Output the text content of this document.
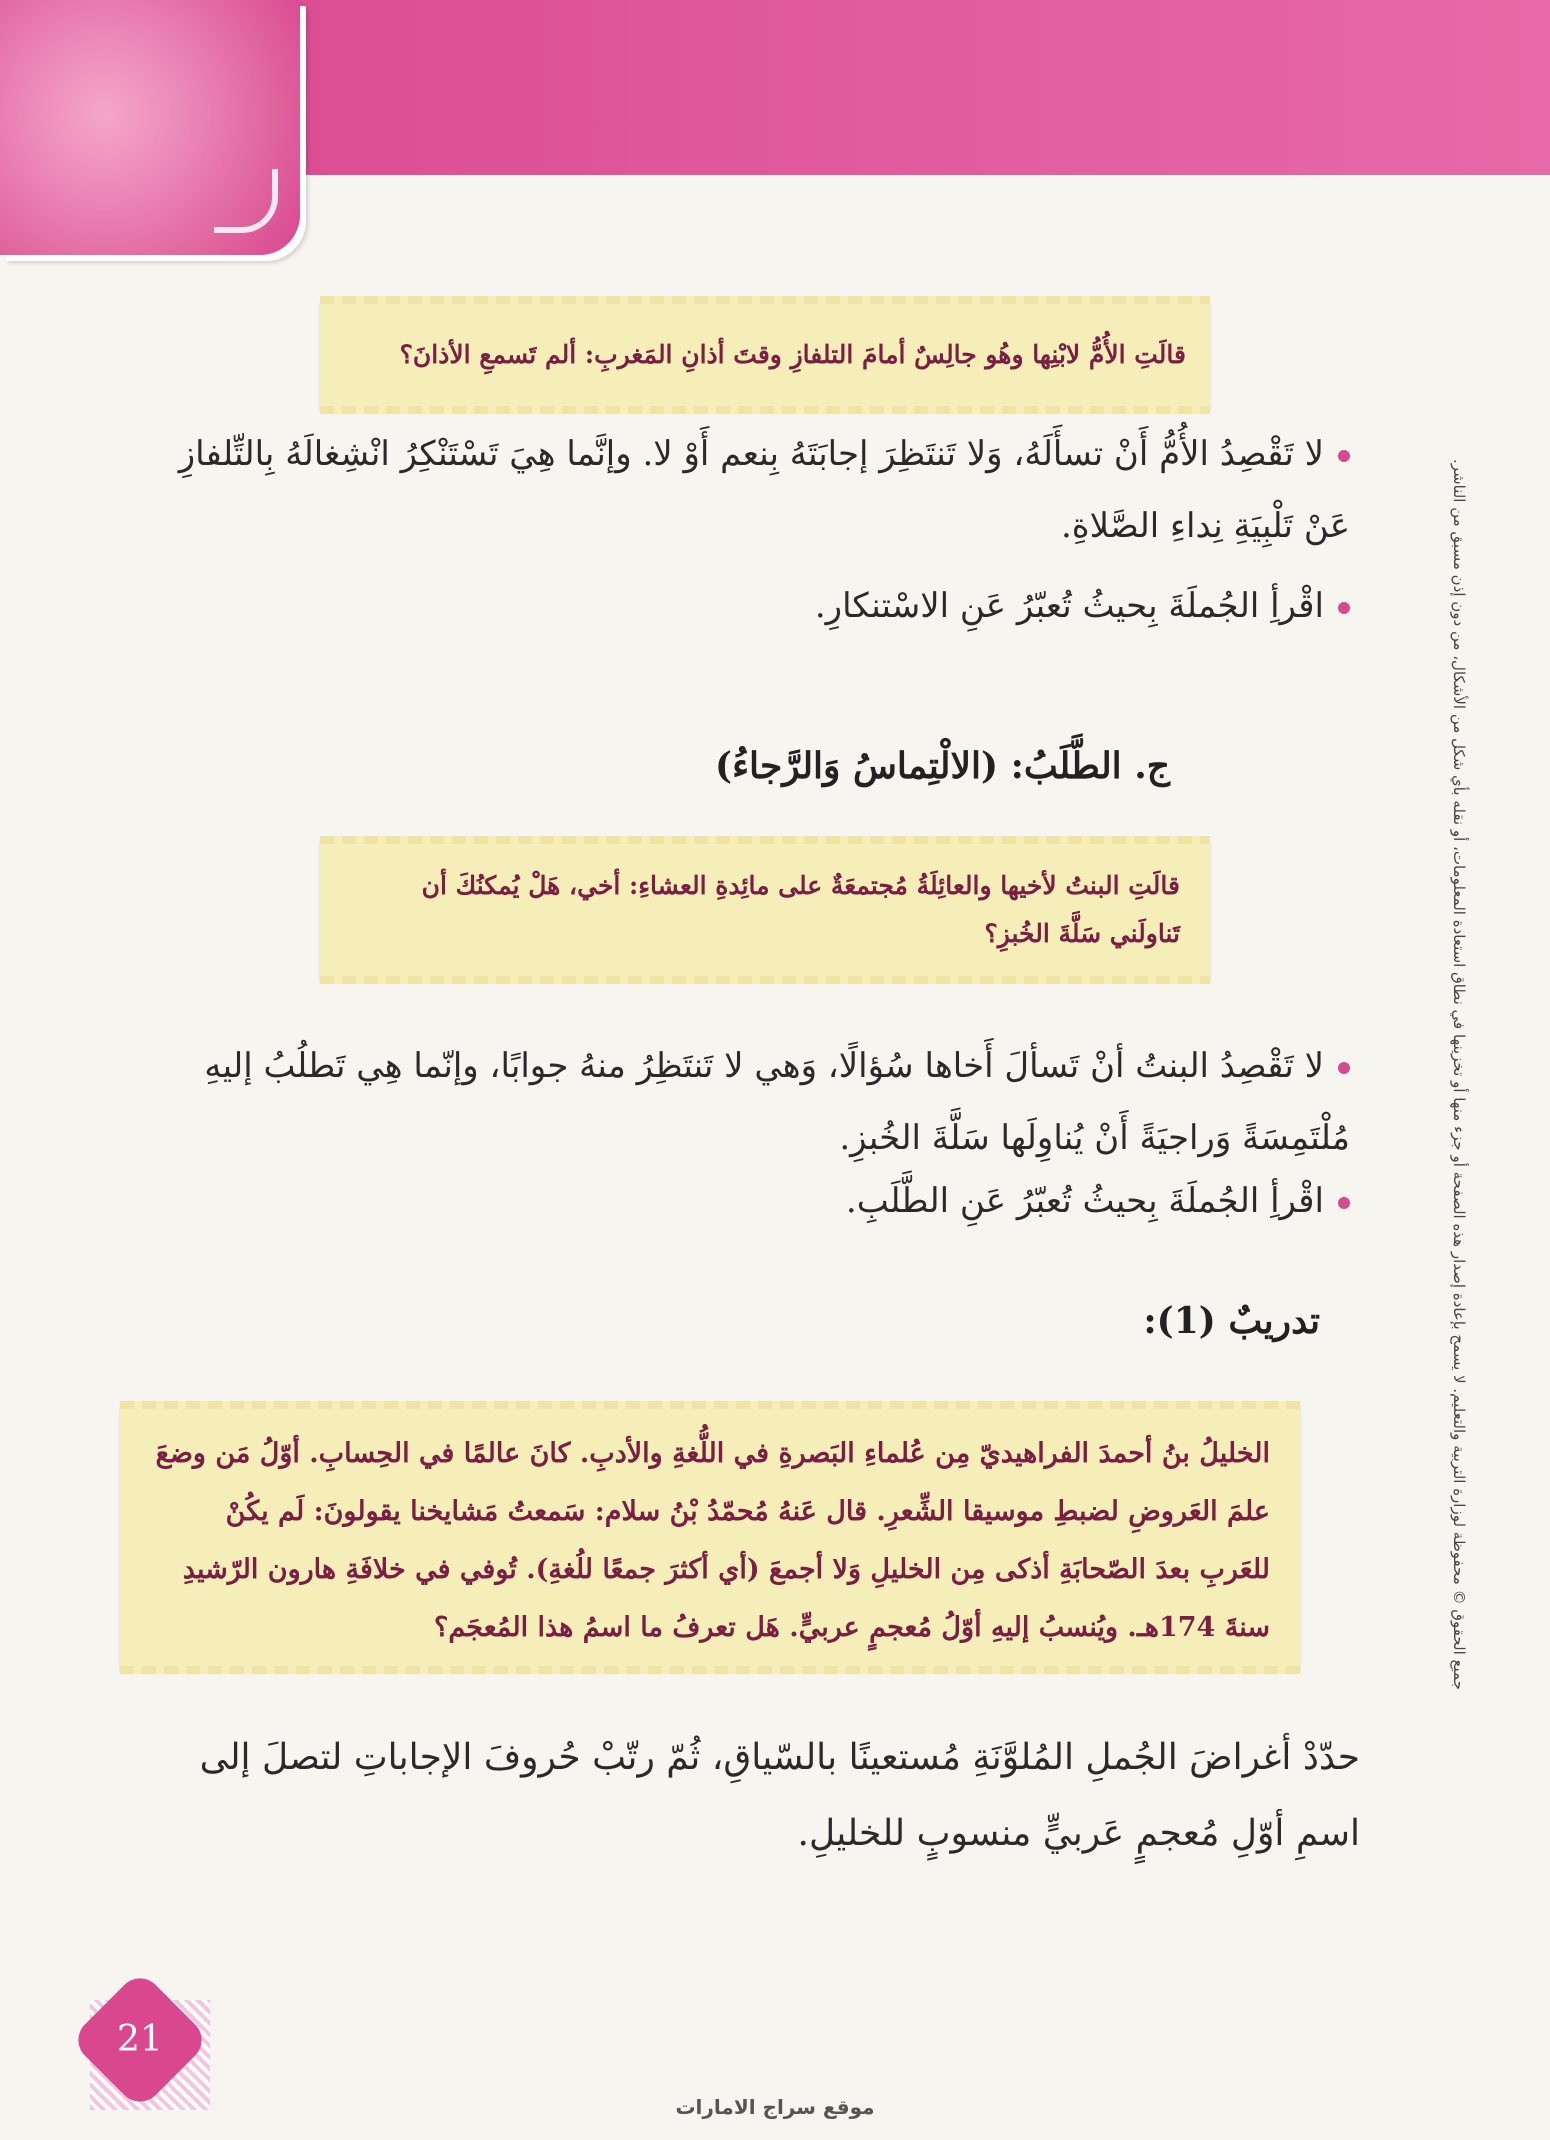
قالَتِ الأُمُّ لابْنِها وهُو جالِسٌ أمامَ التلفازِ وقتَ أذانِ المَغربِ: ألم تَسمعِ الأذانَ؟
لا تَقْصِدُ الأُمُّ أَنْ تسأَلَهُ، وَلا تَنتَظِرَ إجابَتَهُ بِنعم أَوْ لا. وإنَّما هِيَ تَسْتَنْكِرُ انْشِغالَهُ بِالتِّلفازِ عَنْ تَلْبِيَةِ نِداءِ الصَّلاةِ.
اقْرأِ الجُملَةَ بِحيثُ تُعبّرُ عَنِ الاسْتنكارِ.
ج. الطَّلَبُ: (الالْتِماسُ وَالرَّجاءُ)
قالَتِ البنتُ لأخيها والعائِلَةُ مُجتمعَةٌ على مائِدةِ العشاءِ: أخي، هَلْ يُمكنُكَ أن تَناولَني سَلَّةَ الخُبزِ؟
لا تَقْصِدُ البنتُ أنْ تَسألَ أَخاها سُؤالًا، وَهي لا تَنتَظِرُ منهُ جوابًا، وإنّما هِي تَطلُبُ إليهِ مُلْتَمِسَةً وَراجيَةً أَنْ يُناوِلَها سَلَّةَ الخُبزِ.
اقْرأِ الجُملَةَ بِحيثُ تُعبّرُ عَنِ الطَّلَبِ.
تدريبٌ (1):
الخليلُ بنُ أحمدَ الفراهيديّ مِن عُلماءِ البَصرةِ في اللُّغةِ والأدبِ. كانَ عالمًا في الحِسابِ. أوّلُ مَن وضعَ علمَ العَروضِ لضبطِ موسيقا الشِّعرِ. قال عَنهُ مُحمّدُ بْنُ سلام: سَمعتُ مَشايخنا يقولونَ: لَم يكُنْ للعَربِ بعدَ الصّحابَةِ أذكى مِن الخليلِ وَلا أجمعَ (أي أكثرَ جمعًا للُغةِ). تُوفي في خلافَةِ هارون الرّشيدِ سنةَ 174هـ. ويُنسبُ إليهِ أوّلُ مُعجمٍ عربيٍّ. هَل تعرفُ ما اسمُ هذا المُعجَم؟
حدّدْ أغراضَ الجُملِ المُلوَّنَةِ مُستعينًا بالسّياقِ، ثُمّ رتّبْ حُروفَ الإجاباتِ لتصلَ إلى اسمِ أوّلِ مُعجمٍ عَربيٍّ منسوبٍ للخليلِ.
جميع الحقوق © محفوظة لوزارة التربية والتعليم. لا يسمح بإعادة إصدار هذه الصفحة أو جزء منها أو تخزينها في نطاق استعادة المعلومات، أو نقله بأي شكل من الأشكال، من دون إذن مسبق من الناشر.
21
موقع سراج الامارات
